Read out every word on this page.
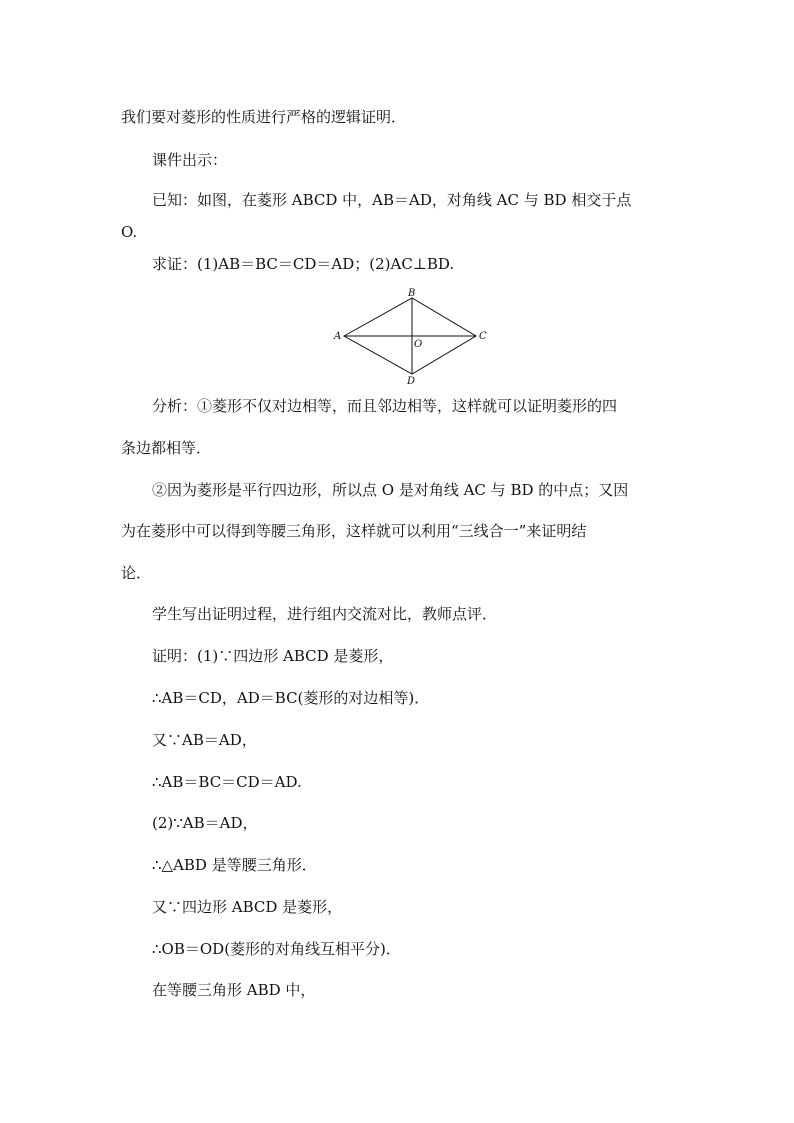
我们要对菱形的性质进行严格的逻辑证明．
课件出示：
已知：如图，在菱形 ABCD 中，AB＝AD，对角线 AC 与 BD 相交于点
O.
求证：(1)AB＝BC＝CD＝AD；(2)AC⊥BD.
A
B
C
D
O
分析：①菱形不仅对边相等，而且邻边相等，这样就可以证明菱形的四
条边都相等．
②因为菱形是平行四边形，所以点 O 是对角线 AC 与 BD 的中点；又因
为在菱形中可以得到等腰三角形，这样就可以利用“三线合一”来证明结
论．
学生写出证明过程，进行组内交流对比，教师点评．
证明：(1)∵四边形 ABCD 是菱形，
∴AB＝CD，AD＝BC(菱形的对边相等)．
又∵AB＝AD，
∴AB＝BC＝CD＝AD.
(2)∵AB＝AD，
∴△ABD 是等腰三角形．
又∵四边形 ABCD 是菱形，
∴OB＝OD(菱形的对角线互相平分)．
在等腰三角形 ABD 中，
